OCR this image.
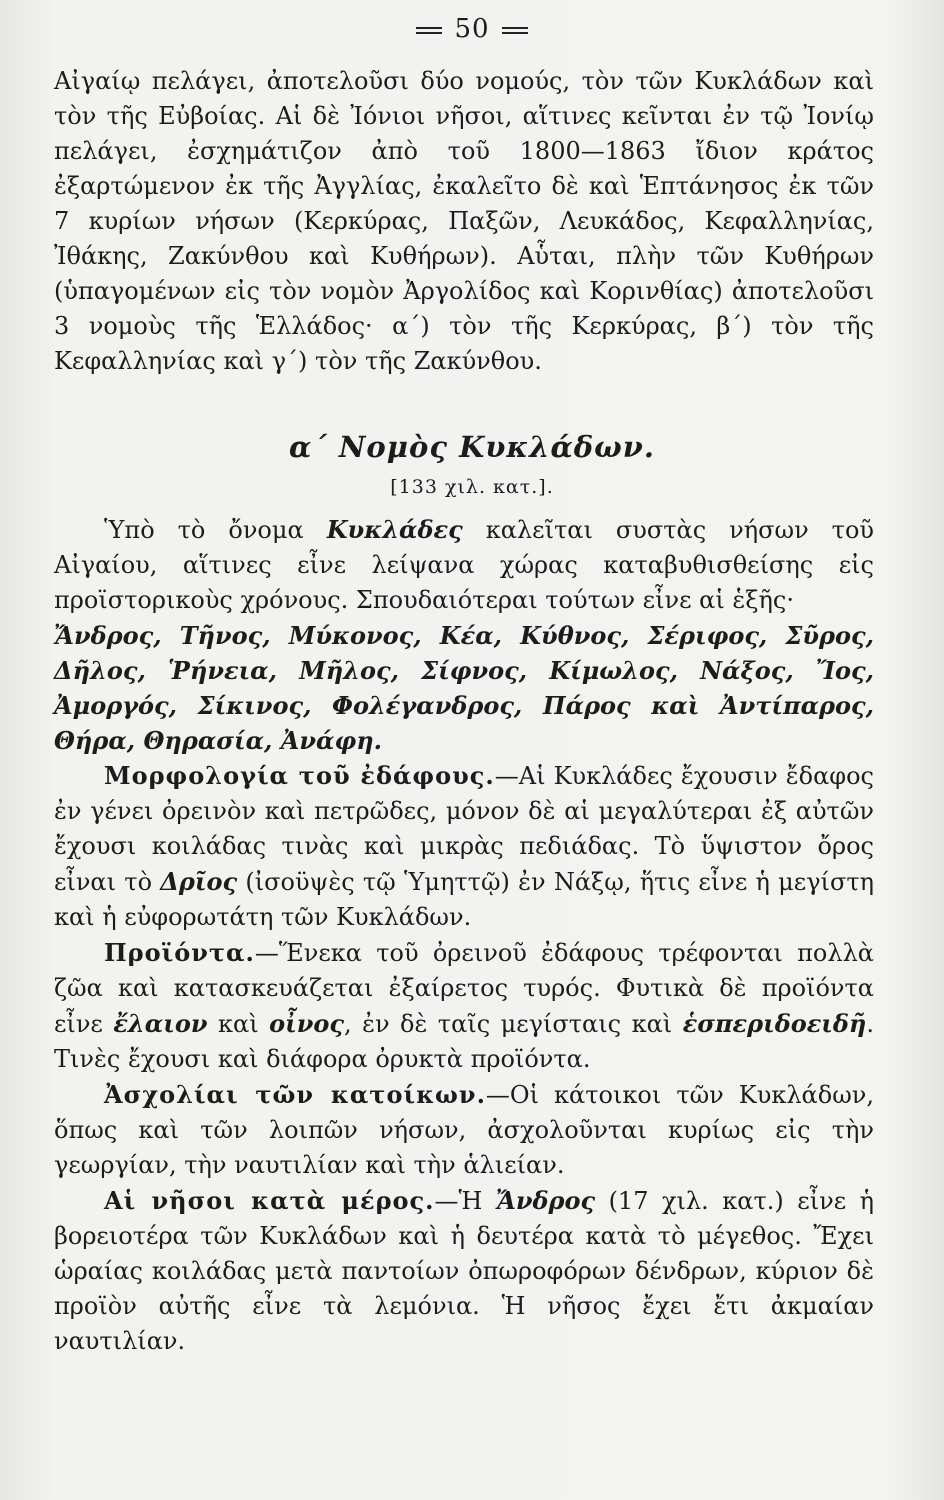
50

Αἰγαίῳ πελάγει, ἀποτελοῦσι δύο νομούς, τὸν τῶν Κυκλάδων καὶ τὸν τῆς Εὐβοίας. Αἱ δὲ Ἰόνιοι νῆσοι, αἵτινες κεῖνται ἐν τῷ Ἰονίῳ πελάγει, ἐσχημάτιζον ἀπὸ τοῦ 1800—1863 ἴδιον κράτος ἐξαρτώμενον ἐκ τῆς Ἀγγλίας, ἐκαλεῖτο δὲ καὶ Ἑπτάνησος ἐκ τῶν 7 κυρίων νήσων (Κερκύρας, Παξῶν, Λευκάδος, Κεφαλληνίας, Ἰθάκης, Ζακύνθου καὶ Κυθήρων). Αὗται, πλὴν τῶν Κυθήρων (ὑπαγομένων εἰς τὸν νομὸν Ἀργολίδος καὶ Κορινθίας) ἀποτελοῦσι 3 νομοὺς τῆς Ἑλλάδος· α΄) τὸν τῆς Κερκύρας, β΄) τὸν τῆς Κεφαλληνίας καὶ γ΄) τὸν τῆς Ζακύνθου.

α΄ Νομὸς Κυκλάδων.
[133 χιλ. κατ.].

Ὑπὸ τὸ ὄνομα Κυκλάδες καλεῖται συστὰς νήσων τοῦ Αἰγαίου, αἵτινες εἶνε λείψανα χώρας καταβυθισθείσης εἰς προϊστορικοὺς χρόνους. Σπουδαιότεραι τούτων εἶνε αἱ ἑξῆς·

Ἄνδρος, Τῆνος, Μύκονος, Κέα, Κύθνος, Σέριφος, Σῦρος, Δῆλος, Ῥήνεια, Μῆλος, Σίφνος, Κίμωλος, Νάξος, Ἴος, Ἀμοργός, Σίκινος, Φολέγανδρος, Πάρος καὶ Ἀντίπαρος, Θήρα, Θηρασία, Ἀνάφη.

Μορφολογία τοῦ ἐδάφους.—Αἱ Κυκλάδες ἔχουσιν ἔδαφος ἐν γένει ὀρεινὸν καὶ πετρῶδες, μόνον δὲ αἱ μεγαλύτεραι ἐξ αὐτῶν ἔχουσι κοιλάδας τινὰς καὶ μικρὰς πεδιάδας. Τὸ ὕψιστον ὄρος εἶναι τὸ Δρῖος (ἰσοϋψὲς τῷ Ὑμηττῷ) ἐν Νάξῳ, ἥτις εἶνε ἡ μεγίστη καὶ ἡ εὐφορωτάτη τῶν Κυκλάδων.

Προϊόντα.—Ἕνεκα τοῦ ὀρεινοῦ ἐδάφους τρέφονται πολλὰ ζῶα καὶ κατασκευάζεται ἐξαίρετος τυρός. Φυτικὰ δὲ προϊόντα εἶνε ἔλαιον καὶ οἶνος, ἐν δὲ ταῖς μεγίσταις καὶ ἑσπεριδοειδῆ. Τινὲς ἔχουσι καὶ διάφορα ὀρυκτὰ προϊόντα.

Ἀσχολίαι τῶν κατοίκων.—Οἱ κάτοικοι τῶν Κυκλάδων, ὅπως καὶ τῶν λοιπῶν νήσων, ἀσχολοῦνται κυρίως εἰς τὴν γεωργίαν, τὴν ναυτιλίαν καὶ τὴν ἁλιείαν.

Αἱ νῆσοι κατὰ μέρος.—Ἡ Ἄνδρος (17 χιλ. κατ.) εἶνε ἡ βορειοτέρα τῶν Κυκλάδων καὶ ἡ δευτέρα κατὰ τὸ μέγεθος. Ἔχει ὡραίας κοιλάδας μετὰ παντοίων ὀπωροφόρων δένδρων, κύριον δὲ προϊὸν αὐτῆς εἶνε τὰ λεμόνια. Ἡ νῆσος ἔχει ἔτι ἀκμαίαν ναυτιλίαν.
